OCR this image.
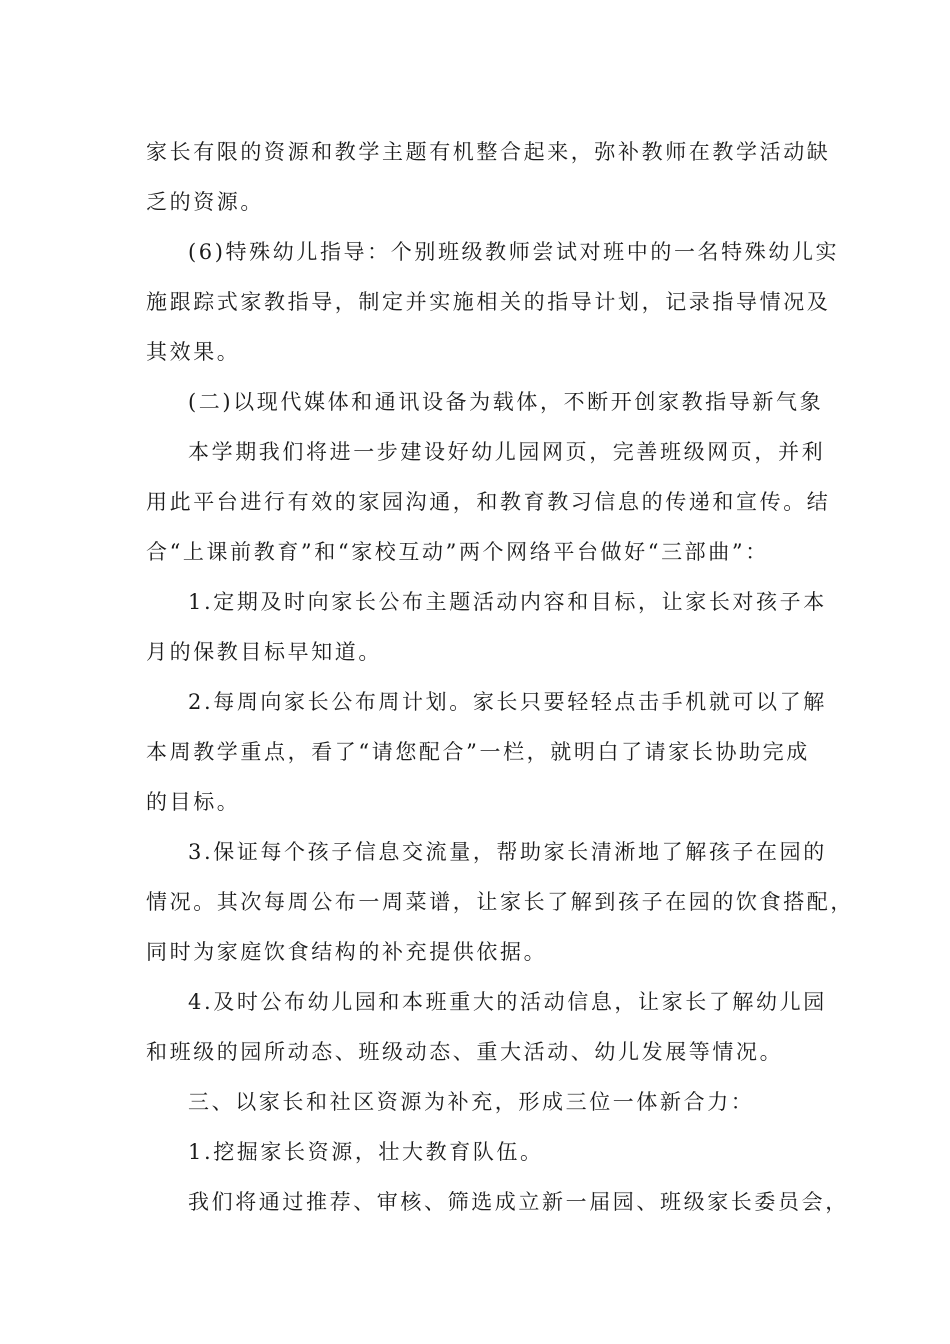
家长有限的资源和教学主题有机整合起来，弥补教师在教学活动缺
乏的资源。
(6)特殊幼儿指导：个别班级教师尝试对班中的一名特殊幼儿实
施跟踪式家教指导，制定并实施相关的指导计划，记录指导情况及
其效果。
(二)以现代媒体和通讯设备为载体，不断开创家教指导新气象
本学期我们将进一步建设好幼儿园网页，完善班级网页，并利
用此平台进行有效的家园沟通，和教育教习信息的传递和宣传。结
合“上课前教育”和“家校互动”两个网络平台做好“三部曲”：
1.定期及时向家长公布主题活动内容和目标，让家长对孩子本
月的保教目标早知道。
2.每周向家长公布周计划。家长只要轻轻点击手机就可以了解
本周教学重点，看了“请您配合”一栏，就明白了请家长协助完成
的目标。
3.保证每个孩子信息交流量，帮助家长清淅地了解孩子在园的
情况。其次每周公布一周菜谱，让家长了解到孩子在园的饮食搭配，
同时为家庭饮食结构的补充提供依据。
4.及时公布幼儿园和本班重大的活动信息，让家长了解幼儿园
和班级的园所动态、班级动态、重大活动、幼儿发展等情况。
三、以家长和社区资源为补充，形成三位一体新合力：
1.挖掘家长资源，壮大教育队伍。
我们将通过推荐、审核、筛选成立新一届园、班级家长委员会，
